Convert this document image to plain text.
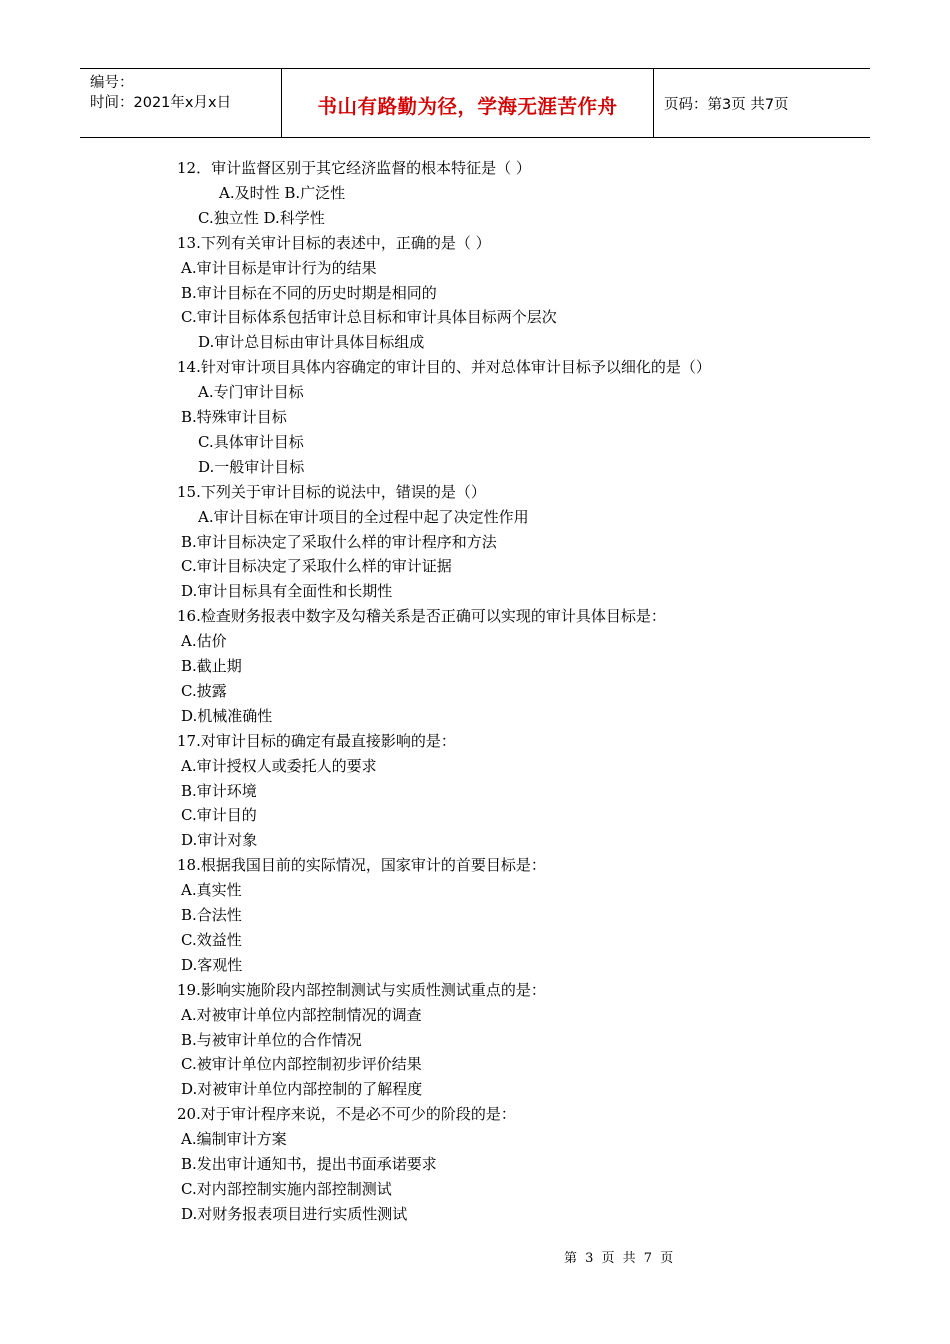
编号：
时间：2021年x月x日	书山有路勤为径，学海无涯苦作舟	页码：第3页 共7页
12．审计监督区别于其它经济监督的根本特征是（ ）
A.及时性 B.广泛性
C.独立性 D.科学性
13.下列有关审计目标的表述中，正确的是（ ）
A.审计目标是审计行为的结果
B.审计目标在不同的历史时期是相同的
C.审计目标体系包括审计总目标和审计具体目标两个层次
D.审计总目标由审计具体目标组成
14.针对审计项目具体内容确定的审计目的、并对总体审计目标予以细化的是（）
A.专门审计目标
B.特殊审计目标
C.具体审计目标
D.一般审计目标
15.下列关于审计目标的说法中，错误的是（）
A.审计目标在审计项目的全过程中起了决定性作用
B.审计目标决定了采取什么样的审计程序和方法
C.审计目标决定了采取什么样的审计证据
D.审计目标具有全面性和长期性
16.检查财务报表中数字及勾稽关系是否正确可以实现的审计具体目标是：
A.估价
B.截止期
C.披露
D.机械准确性
17.对审计目标的确定有最直接影响的是：
A.审计授权人或委托人的要求
B.审计环境
C.审计目的
D.审计对象
18.根据我国目前的实际情况，国家审计的首要目标是：
A.真实性
B.合法性
C.效益性
D.客观性
19.影响实施阶段内部控制测试与实质性测试重点的是：
A.对被审计单位内部控制情况的调查
B.与被审计单位的合作情况
C.被审计单位内部控制初步评价结果
D.对被审计单位内部控制的了解程度
20.对于审计程序来说，不是必不可少的阶段的是：
A.编制审计方案
B.发出审计通知书，提出书面承诺要求
C.对内部控制实施内部控制测试
D.对财务报表项目进行实质性测试
第 3 页 共 7 页
